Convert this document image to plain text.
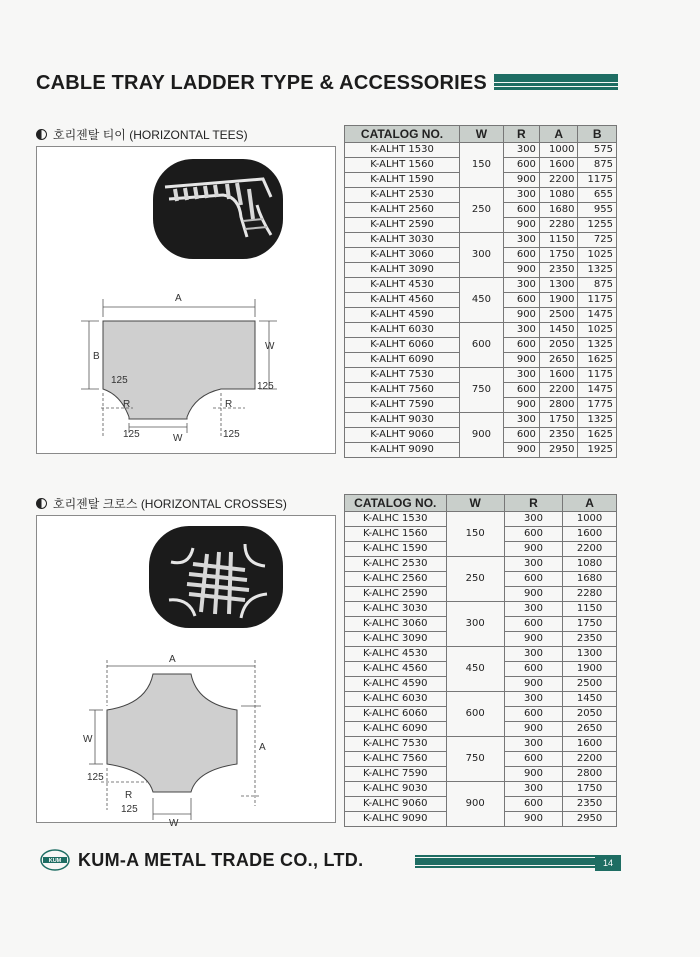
CABLE TRAY LADDER TYPE & ACCESSORIES
호리젠탈 티이 (HORIZONTAL TEES)
A
B
W
125
125
R	R
125	W	125
CATALOG NO.	W	R	A	B
K-ALHT 1530	150	300	1000	575
K-ALHT 1560		600	1600	875
K-ALHT 1590		900	2200	1175
K-ALHT 2530	250	300	1080	655
K-ALHT 2560		600	1680	955
K-ALHT 2590		900	2280	1255
K-ALHT 3030	300	300	1150	725
K-ALHT 3060		600	1750	1025
K-ALHT 3090		900	2350	1325
K-ALHT 4530	450	300	1300	875
K-ALHT 4560		600	1900	1175
K-ALHT 4590		900	2500	1475
K-ALHT 6030	600	300	1450	1025
K-ALHT 6060		600	2050	1325
K-ALHT 6090		900	2650	1625
K-ALHT 7530	750	300	1600	1175
K-ALHT 7560		600	2200	1475
K-ALHT 7590		900	2800	1775
K-ALHT 9030	900	300	1750	1325
K-ALHT 9060		600	2350	1625
K-ALHT 9090		900	2950	1925
호리젠탈 크로스 (HORIZONTAL CROSSES)
A
A
W
125
R
125
W
CATALOG NO.	W	R	A
K-ALHC 1530	150	300	1000
K-ALHC 1560		600	1600
K-ALHC 1590		900	2200
K-ALHC 2530	250	300	1080
K-ALHC 2560		600	1680
K-ALHC 2590		900	2280
K-ALHC 3030	300	300	1150
K-ALHC 3060		600	1750
K-ALHC 3090		900	2350
K-ALHC 4530	450	300	1300
K-ALHC 4560		600	1900
K-ALHC 4590		900	2500
K-ALHC 6030	600	300	1450
K-ALHC 6060		600	2050
K-ALHC 6090		900	2650
K-ALHC 7530	750	300	1600
K-ALHC 7560		600	2200
K-ALHC 7590		900	2800
K-ALHC 9030	900	300	1750
K-ALHC 9060		600	2350
K-ALHC 9090		900	2950
KUM KUM-A METAL TRADE CO., LTD.	14
